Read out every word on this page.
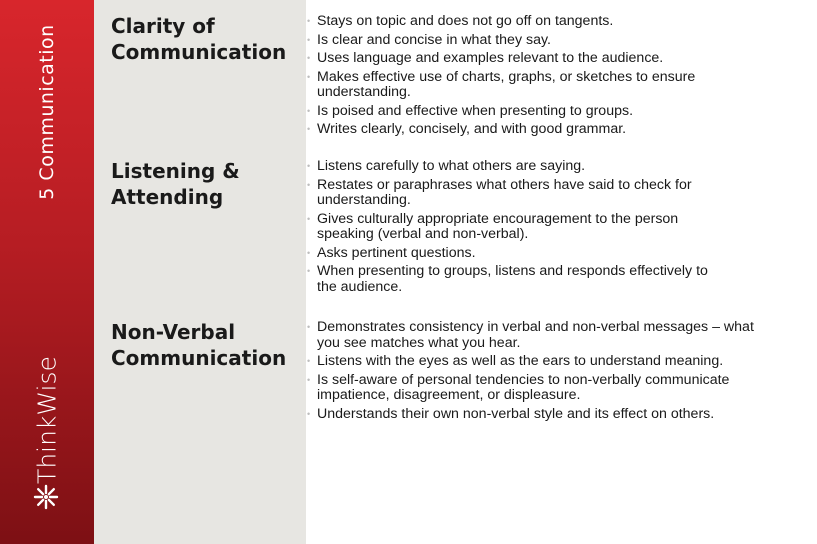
5 Communication
ThinkWise
Clarity of
Communication
Listening &
Attending
Non-Verbal
Communication
• Stays on topic and does not go off on tangents.
• Is clear and concise in what they say.
• Uses language and examples relevant to the audience.
• Makes effective use of charts, graphs, or sketches to ensure understanding.
• Is poised and effective when presenting to groups.
• Writes clearly, concisely, and with good grammar.
• Listens carefully to what others are saying.
• Restates or paraphrases what others have said to check for understanding.
• Gives culturally appropriate encouragement to the person speaking (verbal and non-verbal).
• Asks pertinent questions.
• When presenting to groups, listens and responds effectively to the audience.
• Demonstrates consistency in verbal and non-verbal messages – what you see matches what you hear.
• Listens with the eyes as well as the ears to understand meaning.
• Is self-aware of personal tendencies to non-verbally communicate impatience, disagreement, or displeasure.
• Understands their own non-verbal style and its effect on others.
